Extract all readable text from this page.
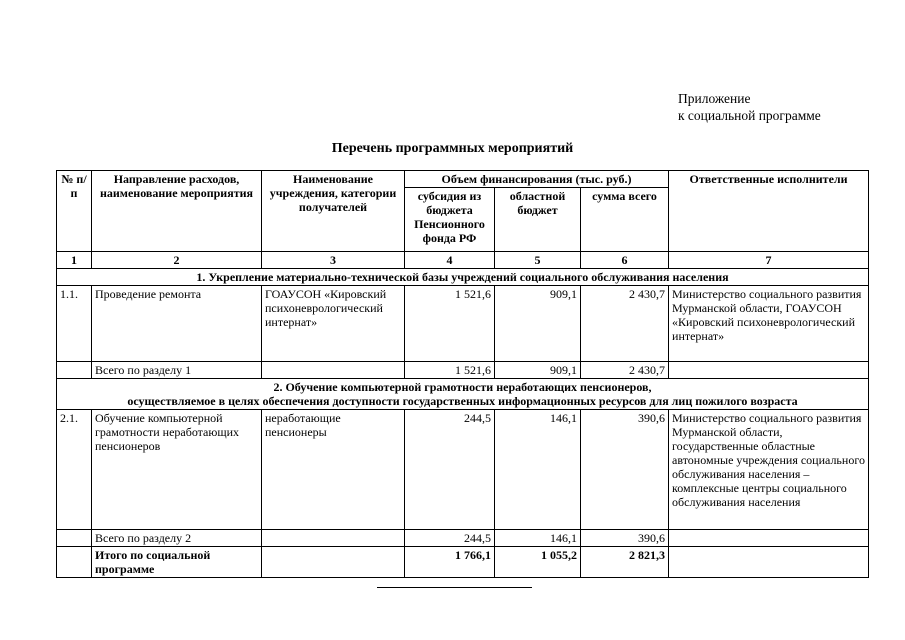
Приложение
к социальной программе
Перечень программных мероприятий
№ п/п	Направление расходов, наименование мероприятия	Наименование учреждения, категории получателей	Объем финансирования (тыс. руб.)			Ответственные исполнители
			субсидия из бюджета Пенсионного фонда РФ	областной бюджет	сумма всего	
1	2	3	4	5	6	7
1. Укрепление материально-технической базы учреждений социального обслуживания населения						
1.1.	Проведение ремонта	ГОАУСОН «Кировский психоневрологический интернат»	1 521,6	909,1	2 430,7	Министерство социального развития Мурманской области, ГОАУСОН «Кировский психоневрологический интернат»
	Всего по разделу 1		1 521,6	909,1	2 430,7	

2. Обучение компьютерной грамотности неработающих пенсионеров,
осуществляемое в целях обеспечения доступности государственных информационных ресурсов для лиц пожилого возраста						

2.1.	Обучение компьютерной грамотности неработающих пенсионеров	неработающие пенсионеры	244,5	146,1	390,6	Министерство социального развития Мурманской области, государственные областные автономные учреждения социального обслуживания населения – комплексные центры социального обслуживания населения
	Всего по разделу 2		244,5	146,1	390,6	
	Итого по социальной программе		1 766,1	1 055,2	2 821,3	
